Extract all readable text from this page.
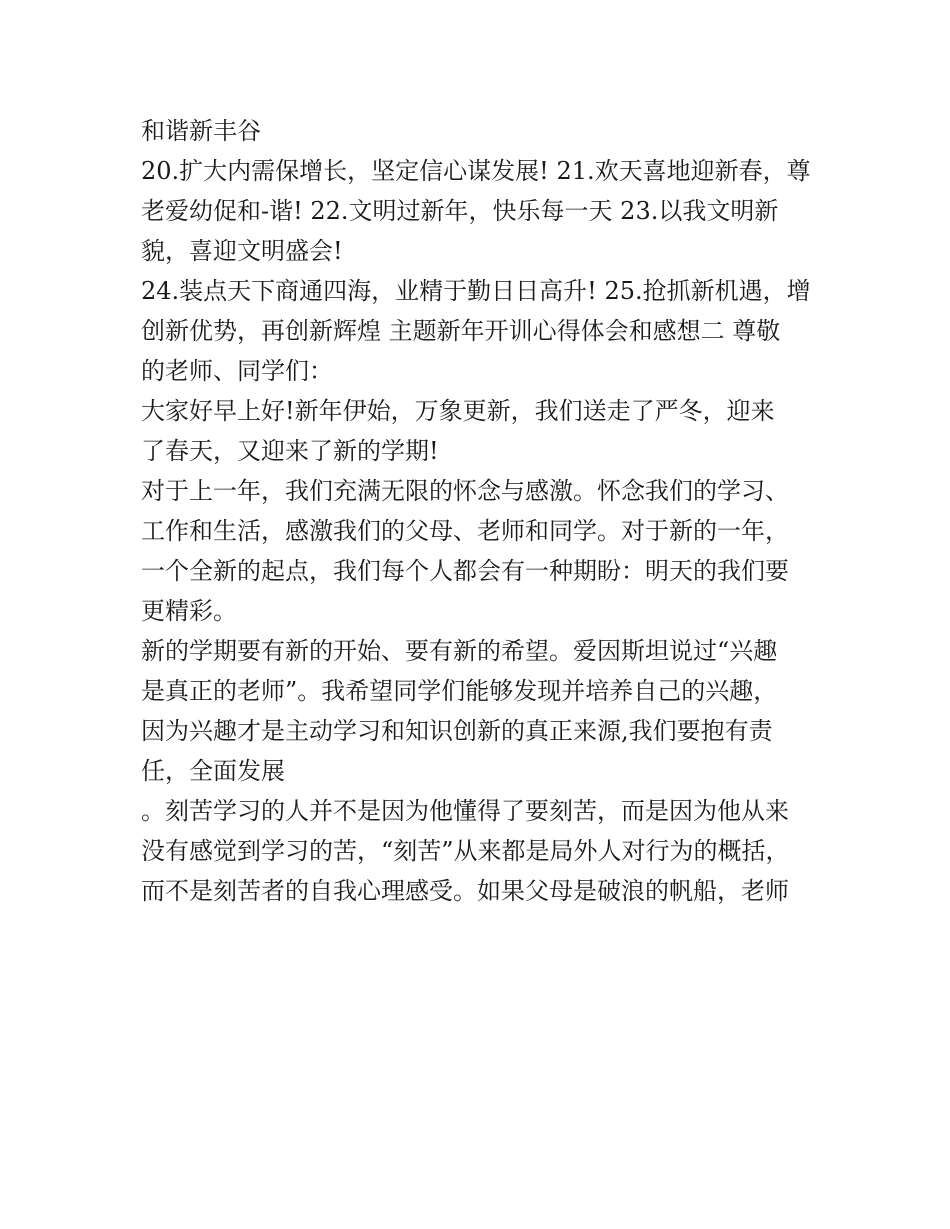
和谐新丰谷
20.扩大内需保增长，坚定信心谋发展! 21.欢天喜地迎新春，尊
老爱幼促和-谐! 22.文明过新年，快乐每一天 23.以我文明新
貌，喜迎文明盛会!
24.装点天下商通四海，业精于勤日日高升! 25.抢抓新机遇，增
创新优势，再创新辉煌 主题新年开训心得体会和感想二 尊敬
的老师、同学们：
大家好早上好!新年伊始，万象更新，我们送走了严冬，迎来
了春天，又迎来了新的学期!
对于上一年，我们充满无限的怀念与感激。怀念我们的学习、
工作和生活，感激我们的父母、老师和同学。对于新的一年，
一个全新的起点，我们每个人都会有一种期盼：明天的我们要
更精彩。
新的学期要有新的开始、要有新的希望。爱因斯坦说过“兴趣
是真正的老师”。我希望同学们能够发现并培养自己的兴趣，
因为兴趣才是主动学习和知识创新的真正来源,我们要抱有责
任，全面发展
。刻苦学习的人并不是因为他懂得了要刻苦，而是因为他从来
没有感觉到学习的苦，“刻苦”从来都是局外人对行为的概括，
而不是刻苦者的自我心理感受。如果父母是破浪的帆船，老师
